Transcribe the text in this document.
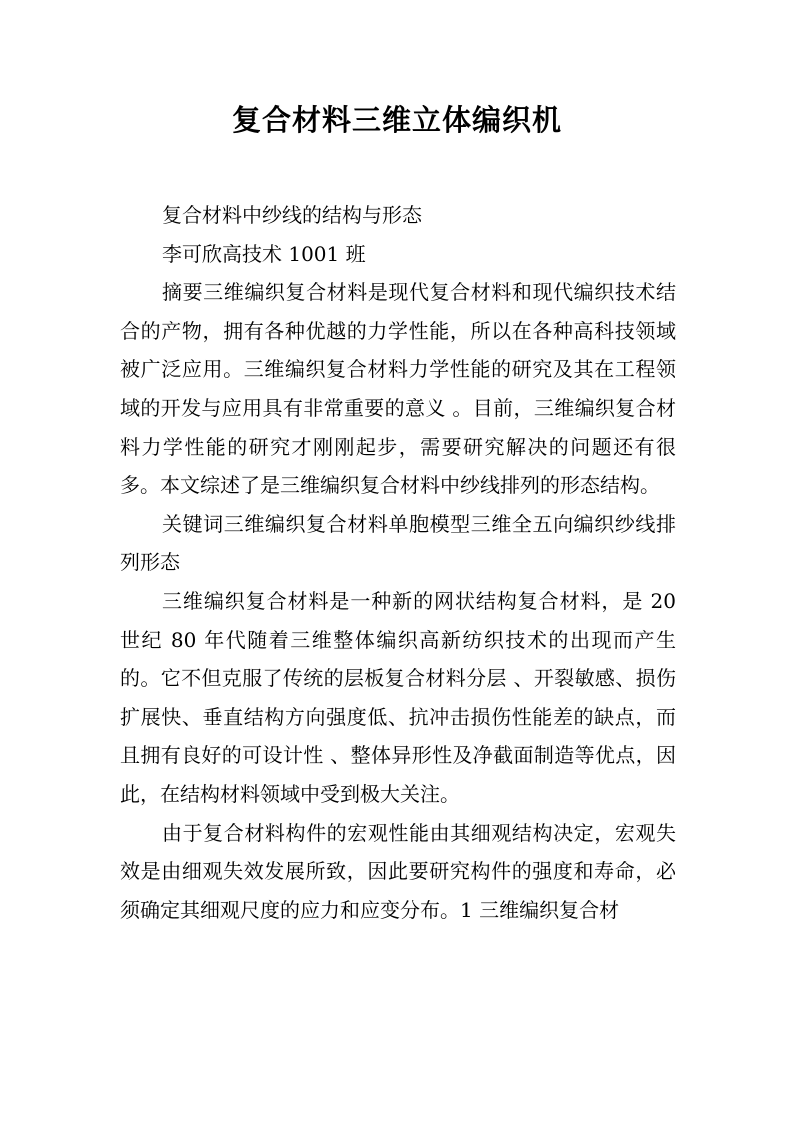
复合材料三维立体编织机

复合材料中纱线的结构与形态

李可欣高技术 1001 班

摘要三维编织复合材料是现代复合材料和现代编织技术结合的产物，拥有各种优越的力学性能，所以在各种高科技领域被广泛应用。三维编织复合材料力学性能的研究及其在工程领域的开发与应用具有非常重要的意义 。目前，三维编织复合材料力学性能的研究才刚刚起步，需要研究解决的问题还有很多。本文综述了是三维编织复合材料中纱线排列的形态结构。

关键词三维编织复合材料单胞模型三维全五向编织纱线排列形态

三维编织复合材料是一种新的网状结构复合材料，是 20 世纪 80 年代随着三维整体编织高新纺织技术的出现而产生的。它不但克服了传统的层板复合材料分层 、开裂敏感、损伤扩展快、垂直结构方向强度低、抗冲击损伤性能差的缺点，而且拥有良好的可设计性 、整体异形性及净截面制造等优点，因此，在结构材料领域中受到极大关注。

由于复合材料构件的宏观性能由其细观结构决定，宏观失效是由细观失效发展所致，因此要研究构件的强度和寿命，必须确定其细观尺度的应力和应变分布。1 三维编织复合材
